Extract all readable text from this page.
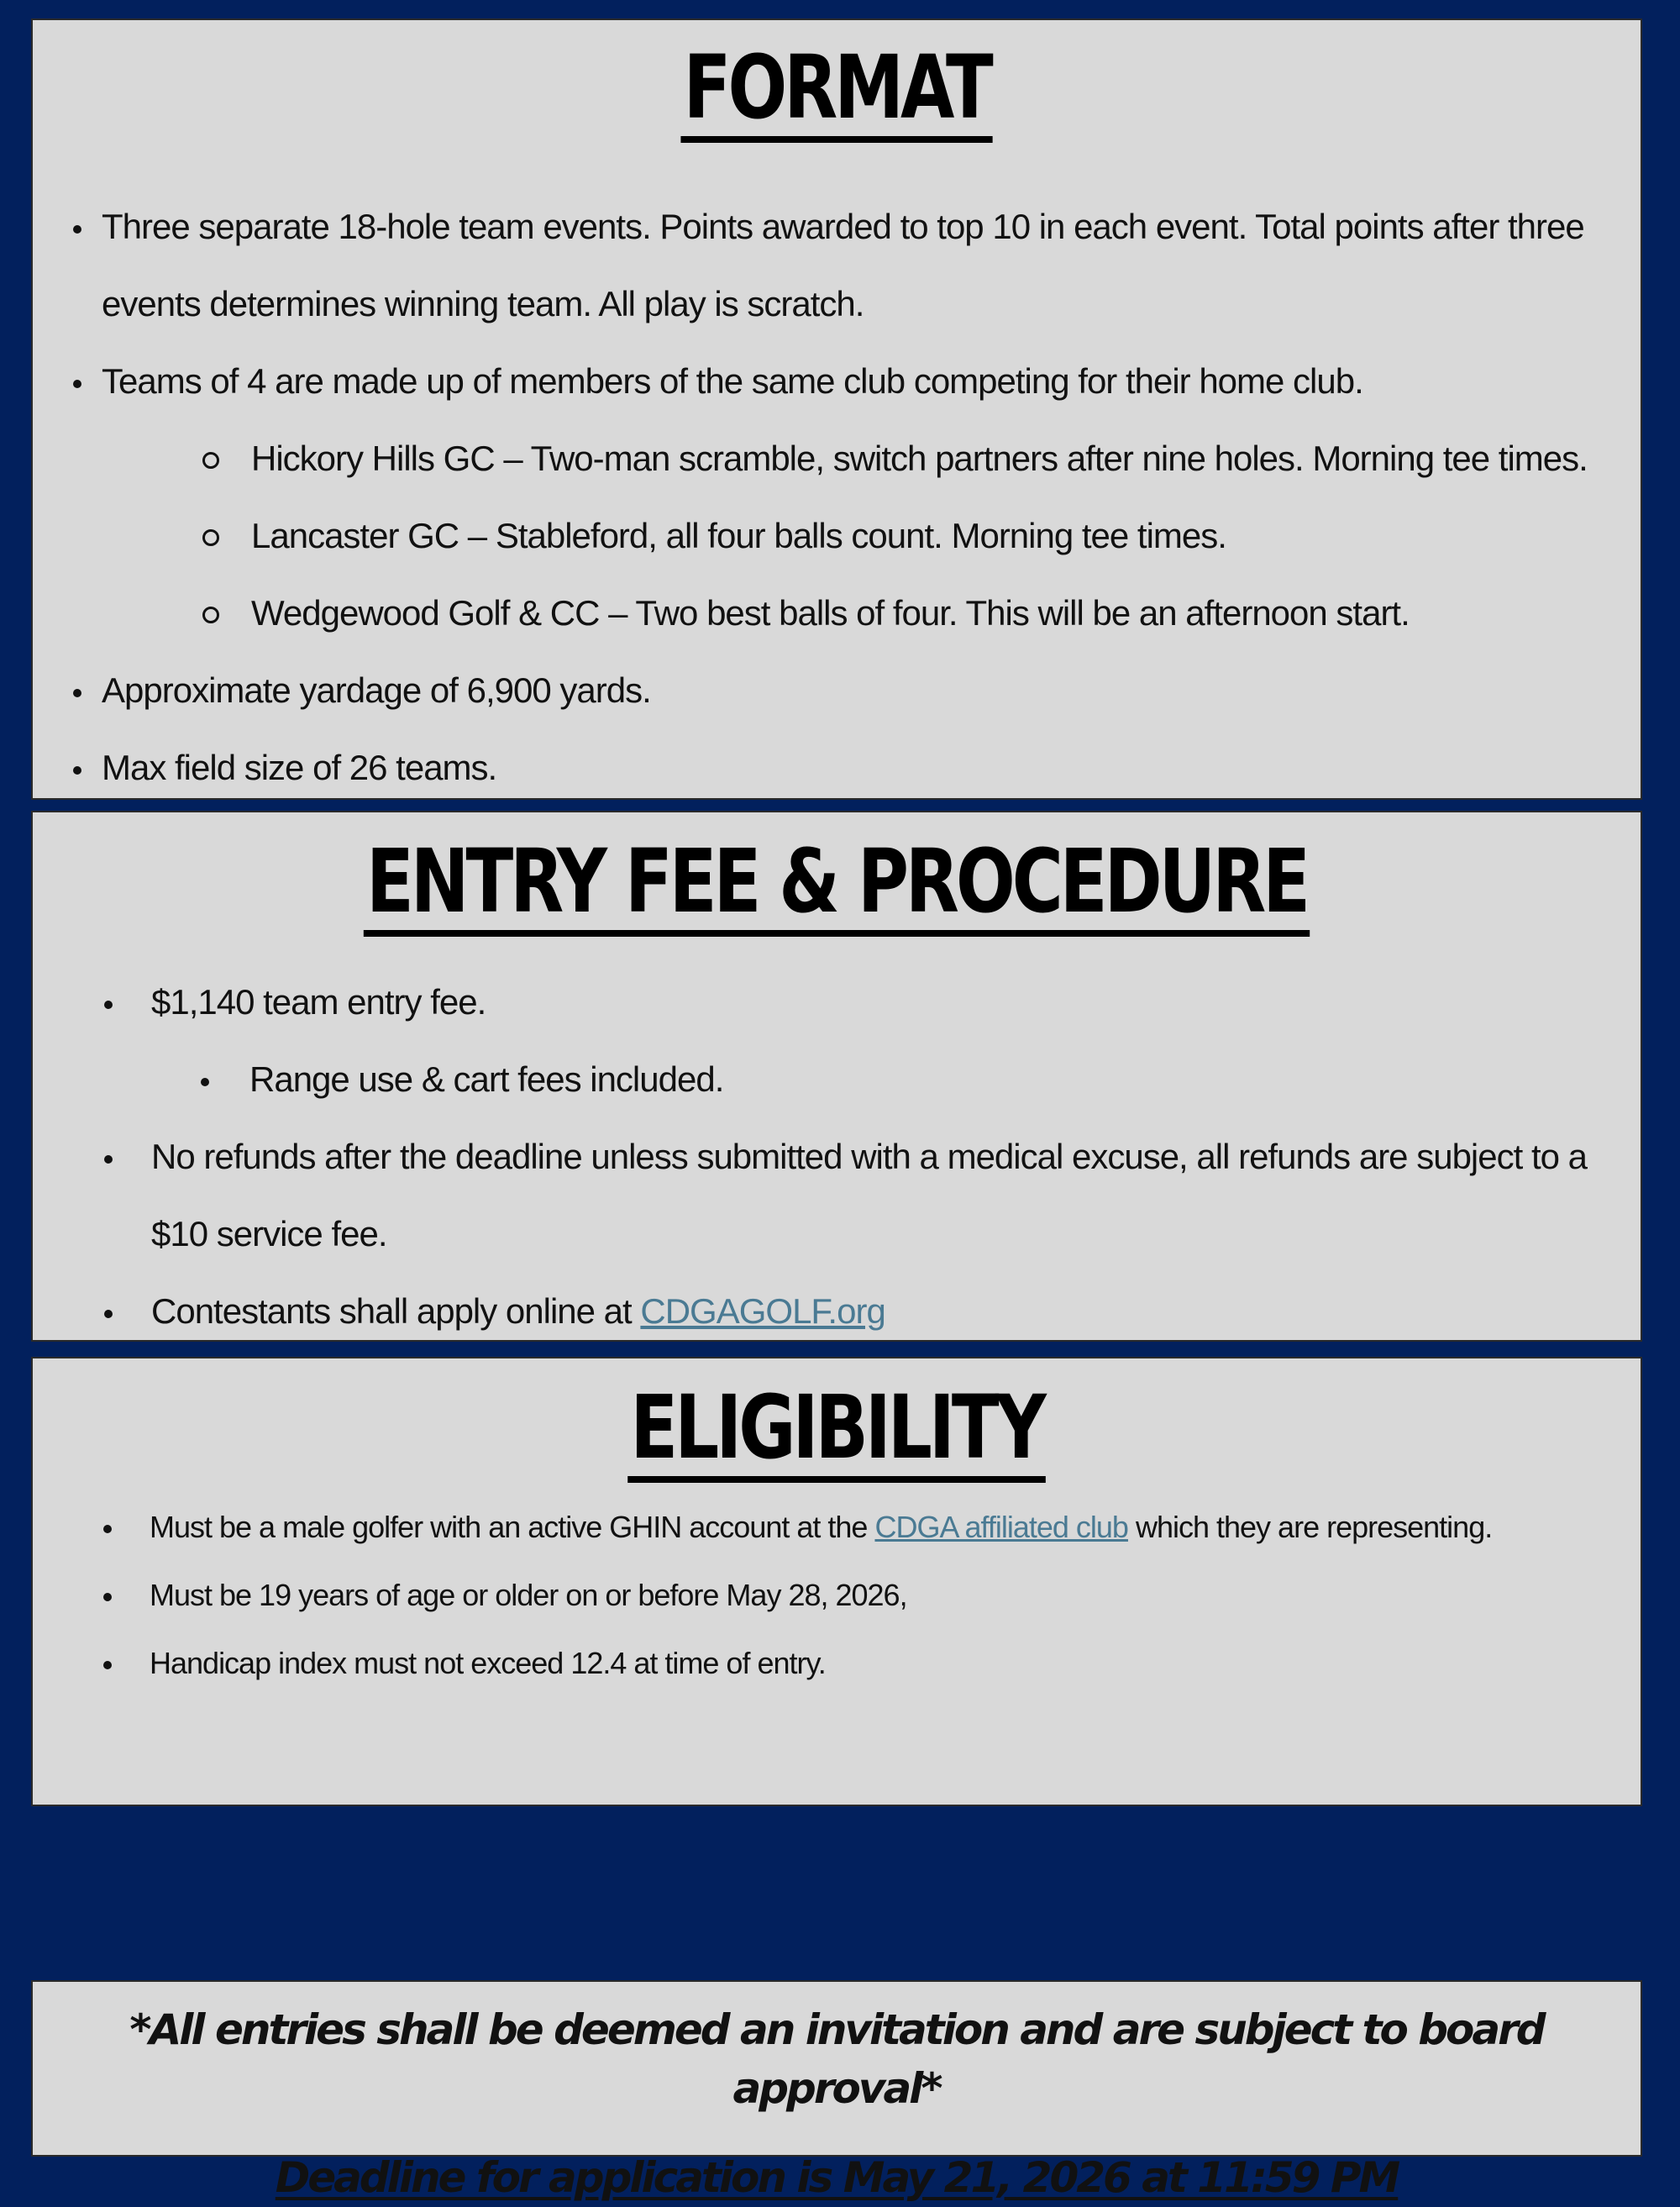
FORMAT
Three separate 18-hole team events. Points awarded to top 10 in each event. Total points after three events determines winning team. All play is scratch.
Teams of 4 are made up of members of the same club competing for their home club.
Hickory Hills GC – Two-man scramble, switch partners after nine holes. Morning tee times.
Lancaster GC – Stableford, all four balls count. Morning tee times.
Wedgewood Golf & CC – Two best balls of four. This will be an afternoon start.
Approximate yardage of 6,900 yards.
Max field size of 26 teams.
ENTRY FEE & PROCEDURE
$1,140 team entry fee.
Range use & cart fees included.
No refunds after the deadline unless submitted with a medical excuse, all refunds are subject to a $10 service fee.
Contestants shall apply online at CDGAGOLF.org
ELIGIBILITY
Must be a male golfer with an active GHIN account at the CDGA affiliated club which they are representing.
Must be 19 years of age or older on or before May 28, 2026,
Handicap index must not exceed 12.4 at time of entry.

*All entries shall be deemed an invitation and are subject to board approval*

Deadline for application is May 21, 2026 at 11:59 PM
